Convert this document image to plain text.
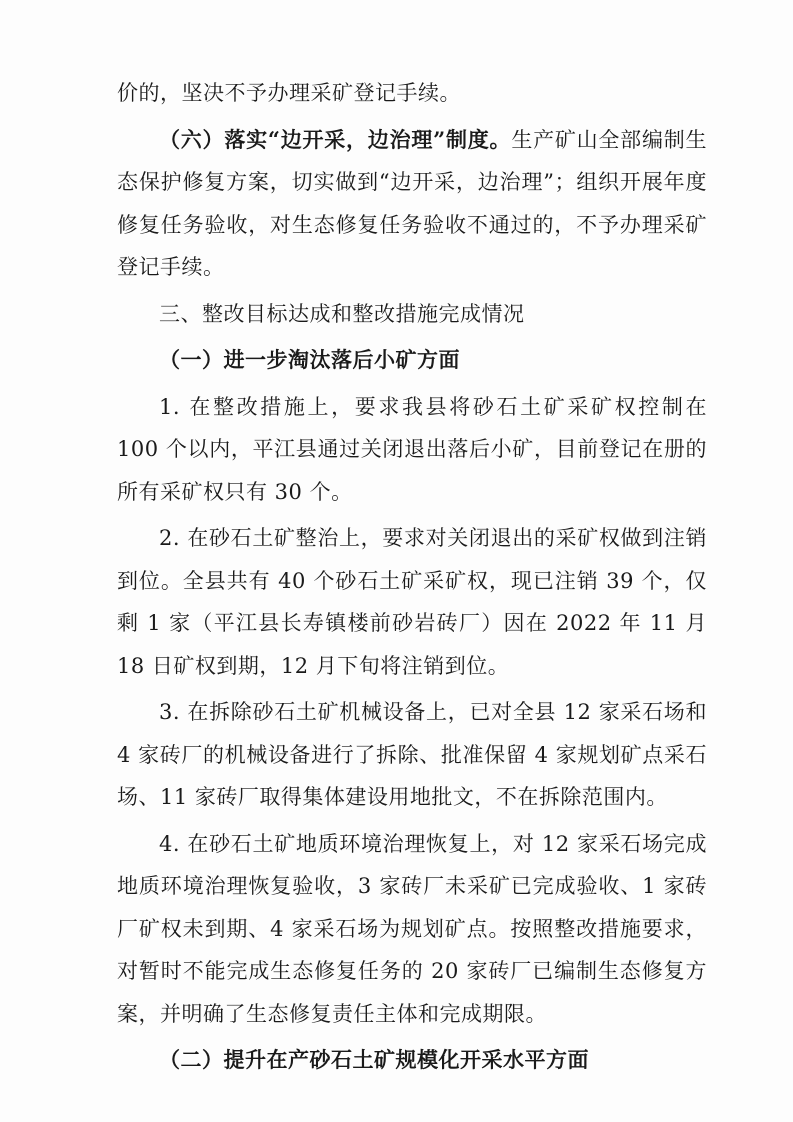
价的，坚决不予办理采矿登记手续。

（六）落实“边开采，边治理”制度。生产矿山全部编制生态保护修复方案，切实做到“边开采，边治理”；组织开展年度修复任务验收，对生态修复任务验收不通过的，不予办理采矿登记手续。

三、整改目标达成和整改措施完成情况

（一）进一步淘汰落后小矿方面

1. 在整改措施上，要求我县将砂石土矿采矿权控制在 100 个以内，平江县通过关闭退出落后小矿，目前登记在册的所有采矿权只有 30 个。

2. 在砂石土矿整治上，要求对关闭退出的采矿权做到注销到位。全县共有 40 个砂石土矿采矿权，现已注销 39 个，仅剩 1 家（平江县长寿镇楼前砂岩砖厂）因在 2022 年 11 月 18 日矿权到期，12 月下旬将注销到位。

3. 在拆除砂石土矿机械设备上，已对全县 12 家采石场和 4 家砖厂的机械设备进行了拆除、批准保留 4 家规划矿点采石场、11 家砖厂取得集体建设用地批文，不在拆除范围内。

4. 在砂石土矿地质环境治理恢复上，对 12 家采石场完成地质环境治理恢复验收，3 家砖厂未采矿已完成验收、1 家砖厂矿权未到期、4 家采石场为规划矿点。按照整改措施要求，对暂时不能完成生态修复任务的 20 家砖厂已编制生态修复方案，并明确了生态修复责任主体和完成期限。

（二）提升在产砂石土矿规模化开采水平方面
